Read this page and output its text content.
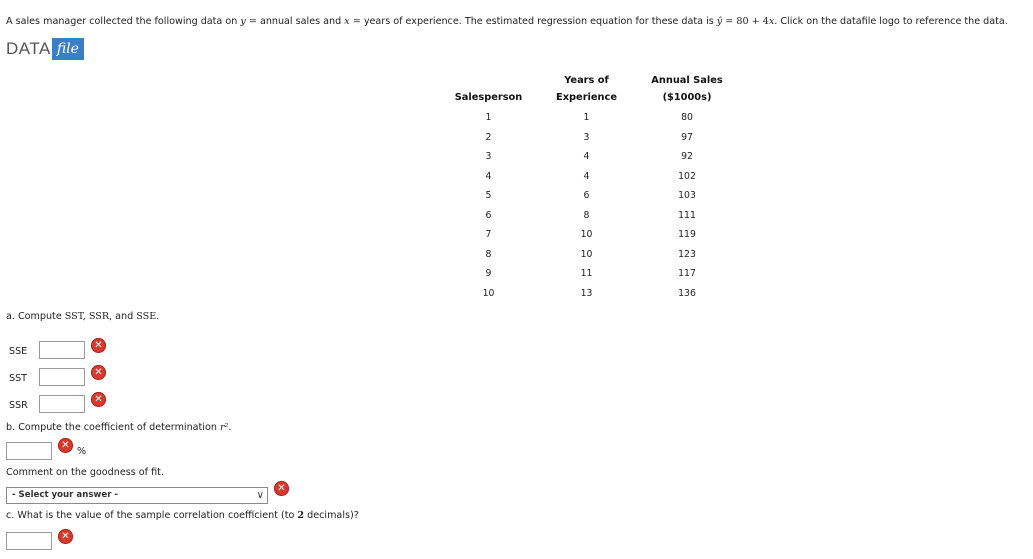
A sales manager collected the following data on y = annual sales and x = years of experience. The estimated regression equation for these data is ŷ = 80 + 4x. Click on the datafile logo to reference the data.
DATA file
	Years of	Annual Sales
Salesperson	Experience	($1000s)
1	1	80
2	3	97
3	4	92
4	4	102
5	6	103
6	8	111
7	10	119
8	10	123
9	11	117
10	13	136
a. Compute SST, SSR, and SSE.
SSE
✕
SST
✕
SSR
✕
b. Compute the coefficient of determination r².
✕
%
Comment on the goodness of fit.
- Select your answer -	∨
✕
c. What is the value of the sample correlation coefficient (to 2 decimals)?
✕
